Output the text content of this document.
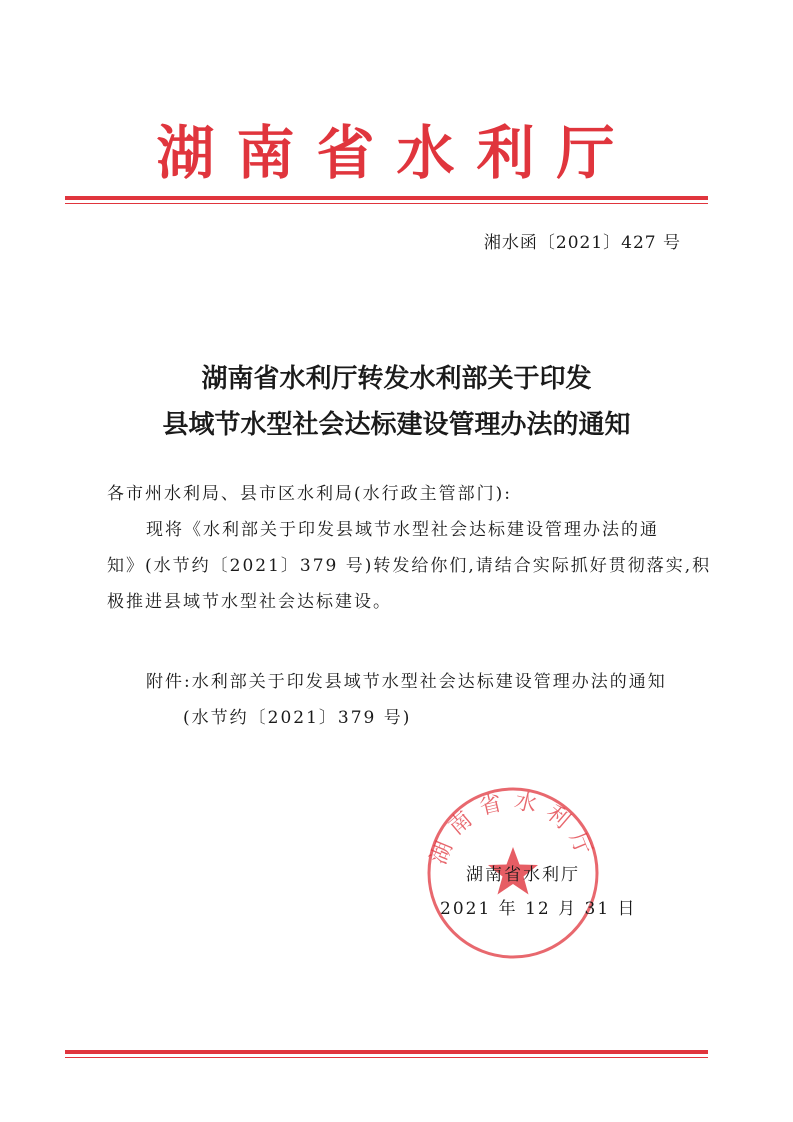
湖南省水利厅
湘水函〔2021〕427 号
湖南省水利厅转发水利部关于印发
县域节水型社会达标建设管理办法的通知
各市州水利局、县市区水利局(水行政主管部门):
现将《水利部关于印发县域节水型社会达标建设管理办法的通
知》(水节约〔2021〕379 号)转发给你们,请结合实际抓好贯彻落实,积
极推进县域节水型社会达标建设。
附件:水利部关于印发县域节水型社会达标建设管理办法的通知
(水节约〔2021〕379 号)
湖南省水利厅
湖南省水利厅
2021 年 12 月 31 日
